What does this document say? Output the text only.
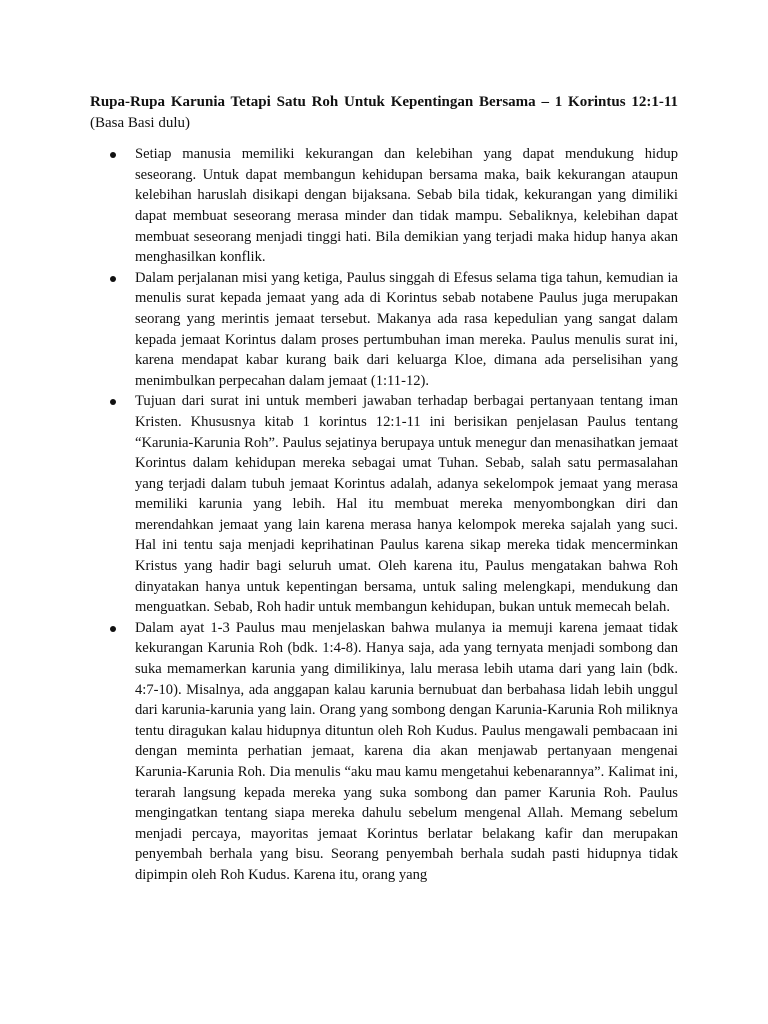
Rupa-Rupa Karunia Tetapi Satu Roh Untuk Kepentingan Bersama – 1 Korintus 12:1-11

(Basa Basi dulu)

Setiap manusia memiliki kekurangan dan kelebihan yang dapat mendukung hidup seseorang. Untuk dapat membangun kehidupan bersama maka, baik kekurangan ataupun kelebihan haruslah disikapi dengan bijaksana. Sebab bila tidak, kekurangan yang dimiliki dapat membuat seseorang merasa minder dan tidak mampu. Sebaliknya, kelebihan dapat membuat seseorang menjadi tinggi hati. Bila demikian yang terjadi maka hidup hanya akan menghasilkan konflik.
Dalam perjalanan misi yang ketiga, Paulus singgah di Efesus selama tiga tahun, kemudian ia menulis surat kepada jemaat yang ada di Korintus sebab notabene Paulus juga merupakan seorang yang merintis jemaat tersebut. Makanya ada rasa kepedulian yang sangat dalam kepada jemaat Korintus dalam proses pertumbuhan iman mereka. Paulus menulis surat ini, karena mendapat kabar kurang baik dari keluarga Kloe, dimana ada perselisihan yang menimbulkan perpecahan dalam jemaat (1:11-12).
Tujuan dari surat ini untuk memberi jawaban terhadap berbagai pertanyaan tentang iman Kristen. Khususnya kitab 1 korintus 12:1-11 ini berisikan penjelasan Paulus tentang “Karunia-Karunia Roh”. Paulus sejatinya berupaya untuk menegur dan menasihatkan jemaat Korintus dalam kehidupan mereka sebagai umat Tuhan. Sebab, salah satu permasalahan yang terjadi dalam tubuh jemaat Korintus adalah, adanya sekelompok jemaat yang merasa memiliki karunia yang lebih. Hal itu membuat mereka menyombongkan diri dan merendahkan jemaat yang lain karena merasa hanya kelompok mereka sajalah yang suci. Hal ini tentu saja menjadi keprihatinan Paulus karena sikap mereka tidak mencerminkan Kristus yang hadir bagi seluruh umat. Oleh karena itu, Paulus mengatakan bahwa Roh dinyatakan hanya untuk kepentingan bersama, untuk saling melengkapi, mendukung dan menguatkan. Sebab, Roh hadir untuk membangun kehidupan, bukan untuk memecah belah.
Dalam ayat 1-3 Paulus mau menjelaskan bahwa mulanya ia memuji karena jemaat tidak kekurangan Karunia Roh (bdk. 1:4-8). Hanya saja, ada yang ternyata menjadi sombong dan suka memamerkan karunia yang dimilikinya, lalu merasa lebih utama dari yang lain (bdk. 4:7-10). Misalnya, ada anggapan kalau karunia bernubuat dan berbahasa lidah lebih unggul dari karunia-karunia yang lain. Orang yang sombong dengan Karunia-Karunia Roh miliknya tentu diragukan kalau hidupnya dituntun oleh Roh Kudus. Paulus mengawali pembacaan ini dengan meminta perhatian jemaat, karena dia akan menjawab pertanyaan mengenai Karunia-Karunia Roh. Dia menulis “aku mau kamu mengetahui kebenarannya”. Kalimat ini, terarah langsung kepada mereka yang suka sombong dan pamer Karunia Roh. Paulus mengingatkan tentang siapa mereka dahulu sebelum mengenal Allah. Memang sebelum menjadi percaya, mayoritas jemaat Korintus berlatar belakang kafir dan merupakan penyembah berhala yang bisu. Seorang penyembah berhala sudah pasti hidupnya tidak dipimpin oleh Roh Kudus. Karena itu, orang yang
